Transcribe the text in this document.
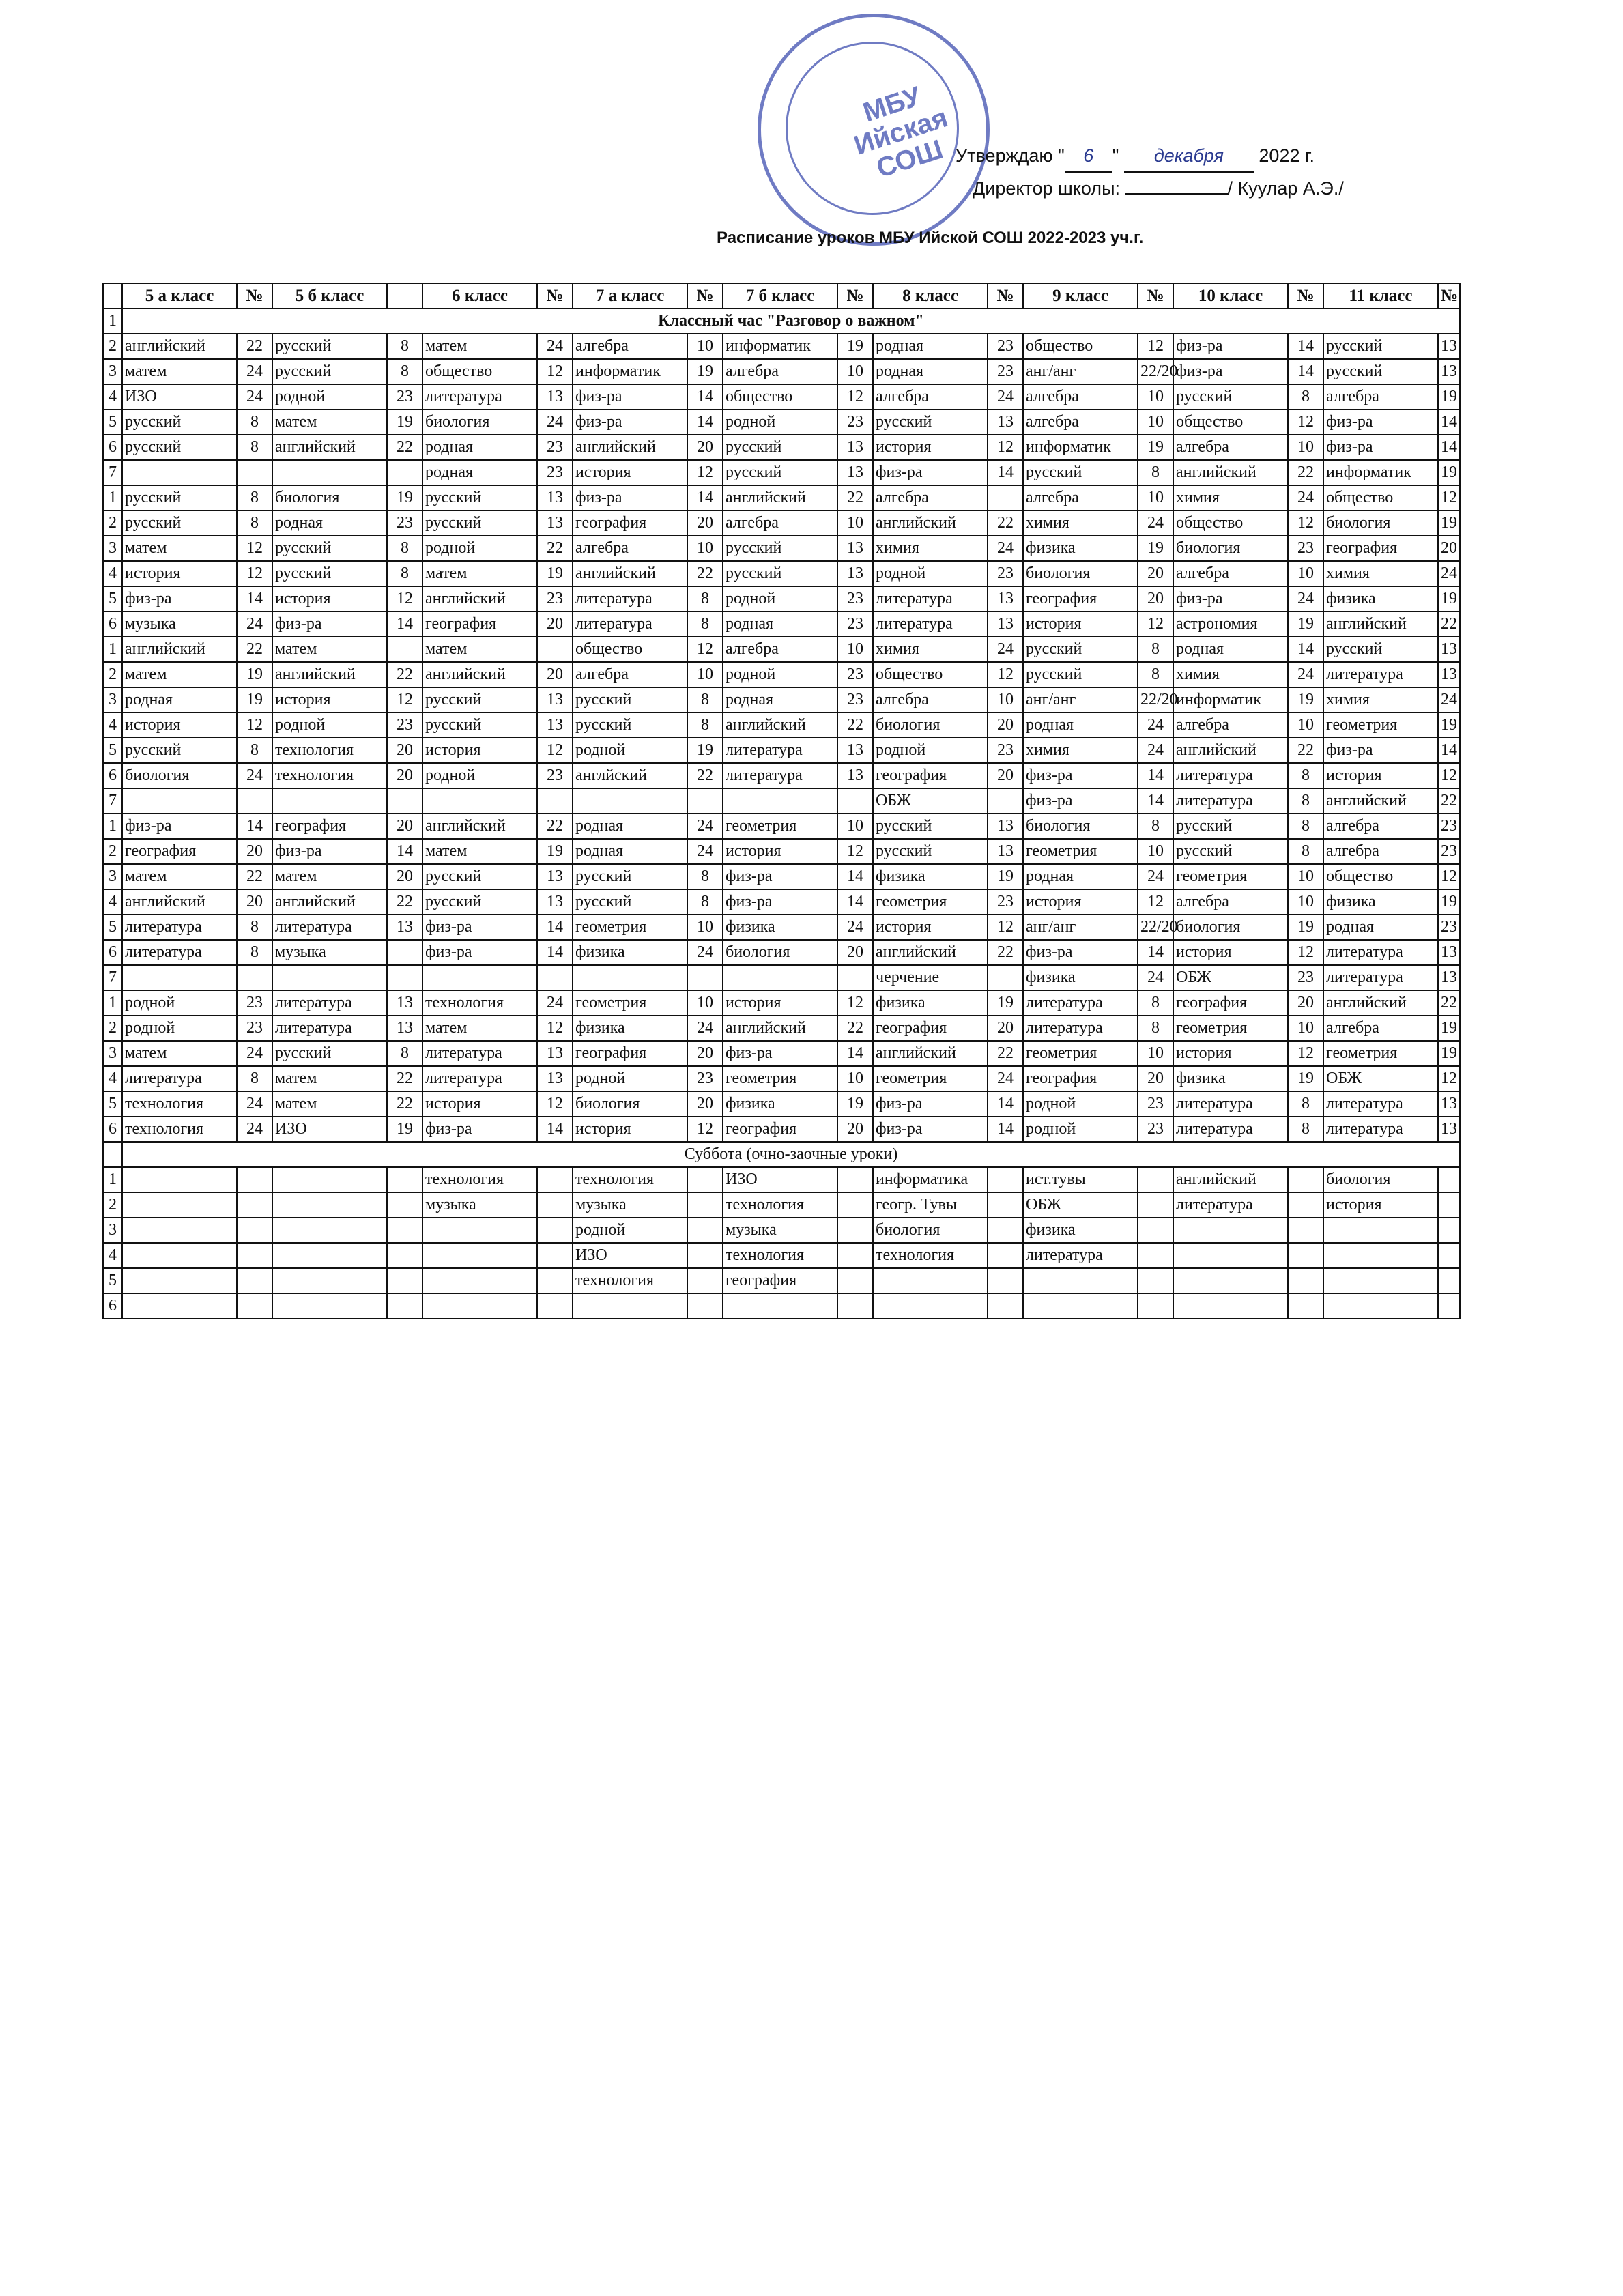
МБУ Ийская СОШ Утверждаю " 6 " декабря 2022 г.
Директор школы:	/ Куулар А.Э./
Расписание уроков МБУ Ийской СОШ 2022-2023 уч.г.
	5 а класс	№	5 б класс		6 класс	№	7 а класс	№	7 б класс	№	8 класс	№	9 класс	№	10 класс	№	11 класс	№
1	Классный час "Разговор о важном"																	
2	английский	22	русский	8	матем	24	алгебра	10	информатик	19	родная	23	общество	12	физ-ра	14	русский	13
3	матем	24	русский	8	общество	12	информатик	19	алгебра	10	родная	23	анг/анг	22/20	физ-ра	14	русский	13
4	ИЗО	24	родной	23	литература	13	физ-ра	14	общество	12	алгебра	24	алгебра	10	русский	8	алгебра	19
5	русский	8	матем	19	биология	24	физ-ра	14	родной	23	русский	13	алгебра	10	общество	12	физ-ра	14
6	русский	8	английский	22	родная	23	английский	20	русский	13	история	12	информатик	19	алгебра	10	физ-ра	14
7					родная	23	история	12	русский	13	физ-ра	14	русский	8	английский	22	информатик	19
1	русский	8	биология	19	русский	13	физ-ра	14	английский	22	алгебра		алгебра	10	химия	24	общество	12
2	русский	8	родная	23	русский	13	география	20	алгебра	10	английский	22	химия	24	общество	12	биология	19
3	матем	12	русский	8	родной	22	алгебра	10	русский	13	химия	24	физика	19	биология	23	география	20
4	история	12	русский	8	матем	19	английский	22	русский	13	родной	23	биология	20	алгебра	10	химия	24
5	физ-ра	14	история	12	английский	23	литература	8	родной	23	литература	13	география	20	физ-ра	24	физика	19
6	музыка	24	физ-ра	14	география	20	литература	8	родная	23	литература	13	история	12	астрономия	19	английский	22
1	английский	22	матем		матем		общество	12	алгебра	10	химия	24	русский	8	родная	14	русский	13
2	матем	19	английский	22	английский	20	алгебра	10	родной	23	общество	12	русский	8	химия	24	литература	13
3	родная	19	история	12	русский	13	русский	8	родная	23	алгебра	10	анг/анг	22/20	информатик	19	химия	24
4	история	12	родной	23	русский	13	русский	8	английский	22	биология	20	родная	24	алгебра	10	геометрия	19
5	русский	8	технология	20	история	12	родной	19	литература	13	родной	23	химия	24	английский	22	физ-ра	14
6	биология	24	технология	20	родной	23	англйский	22	литература	13	география	20	физ-ра	14	литература	8	история	12
7											ОБЖ		физ-ра	14	литература	8	английский	22
1	физ-ра	14	география	20	английский	22	родная	24	геометрия	10	русский	13	биология	8	русский	8	алгебра	23
2	география	20	физ-ра	14	матем	19	родная	24	история	12	русский	13	геометрия	10	русский	8	алгебра	23
3	матем	22	матем	20	русский	13	русский	8	физ-ра	14	физика	19	родная	24	геометрия	10	общество	12
4	английский	20	английский	22	русский	13	русский	8	физ-ра	14	геометрия	23	история	12	алгебра	10	физика	19
5	литература	8	литература	13	физ-ра	14	геометрия	10	физика	24	история	12	анг/анг	22/20	биология	19	родная	23
6	литература	8	музыка		физ-ра	14	физика	24	биология	20	английский	22	физ-ра	14	история	12	литература	13
7											черчение		физика	24	ОБЖ	23	литература	13
1	родной	23	литература	13	технология	24	геометрия	10	история	12	физика	19	литература	8	география	20	английский	22
2	родной	23	литература	13	матем	12	физика	24	английский	22	география	20	литература	8	геометрия	10	алгебра	19
3	матем	24	русский	8	литература	13	география	20	физ-ра	14	английский	22	геометрия	10	история	12	геометрия	19
4	литература	8	матем	22	литература	13	родной	23	геометрия	10	геометрия	24	география	20	физика	19	ОБЖ	12
5	технология	24	матем	22	история	12	биология	20	физика	19	физ-ра	14	родной	23	литература	8	литература	13
6	технология	24	ИЗО	19	физ-ра	14	история	12	география	20	физ-ра	14	родной	23	литература	8	литература	13
	Суббота (очно-заочные уроки)																	
1					технология		технология		ИЗО		информатика		ист.тувы		английский		биология	
2					музыка		музыка		технология		геогр. Тувы		ОБЖ		литература		история	
3							родной		музыка		биология		физика					
4							ИЗО		технология		технология		литература					
5							технология		география									
6																		
